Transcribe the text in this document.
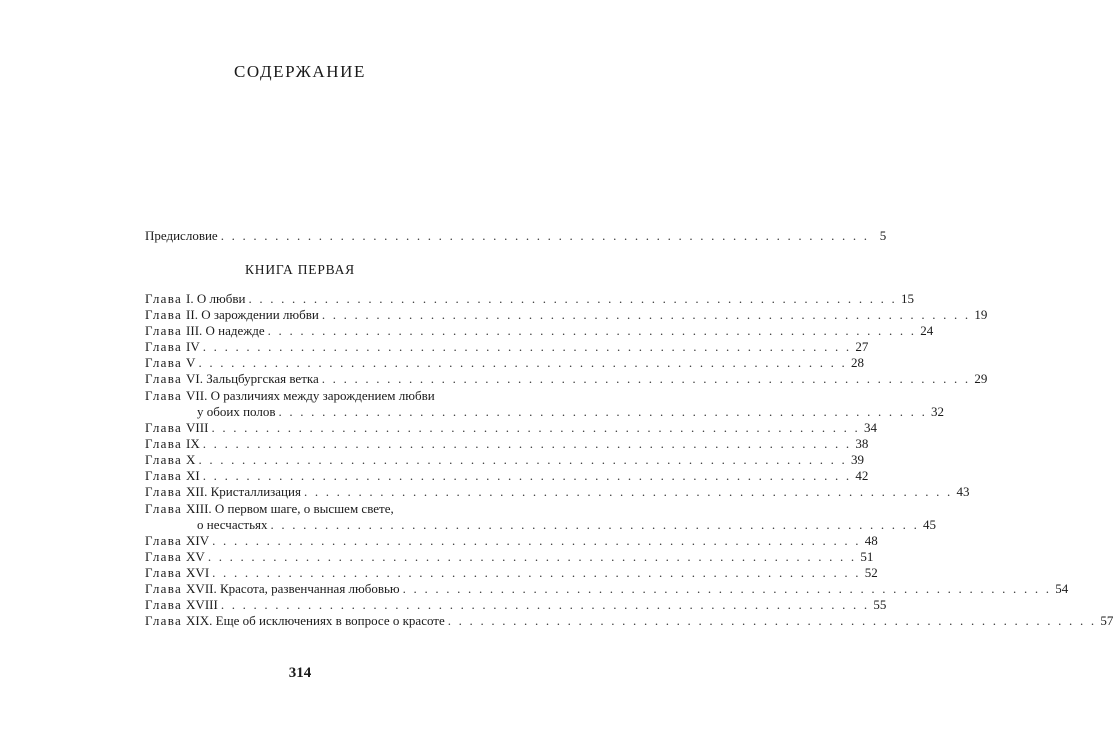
СОДЕРЖАНИЕ
Предисловие . . . . . . . . . . . . . . . . . . . . . . . . . . . . . . . . . . . . . . . . . . . . . . . . . . . . . . . . . . . . 5
КНИГА ПЕРВАЯ
Глава I. О любви . . . . . . . . . . . . . . . . . . . . . . . . . . . . . . . . . . . . . . . . . . . . . . . . . . . . . . . . . . . . 15
Глава II. О зарождении любви . . . . . . . . . . . . . . . . . . . . . . . . . . . . . . . . . . . . . . . . . . . . . . . . . . . . . . . . . . . . 19
Глава III. О надежде . . . . . . . . . . . . . . . . . . . . . . . . . . . . . . . . . . . . . . . . . . . . . . . . . . . . . . . . . . . . 24
Глава IV . . . . . . . . . . . . . . . . . . . . . . . . . . . . . . . . . . . . . . . . . . . . . . . . . . . . . . . . . . . . 27
Глава V . . . . . . . . . . . . . . . . . . . . . . . . . . . . . . . . . . . . . . . . . . . . . . . . . . . . . . . . . . . . 28
Глава VI. Зальцбургская ветка . . . . . . . . . . . . . . . . . . . . . . . . . . . . . . . . . . . . . . . . . . . . . . . . . . . . . . . . . . . . 29
Глава VII. О различиях между зарождением любви
у обоих полов . . . . . . . . . . . . . . . . . . . . . . . . . . . . . . . . . . . . . . . . . . . . . . . . . . . . . . . . . . . . 32
Глава VIII . . . . . . . . . . . . . . . . . . . . . . . . . . . . . . . . . . . . . . . . . . . . . . . . . . . . . . . . . . . . 34
Глава IX . . . . . . . . . . . . . . . . . . . . . . . . . . . . . . . . . . . . . . . . . . . . . . . . . . . . . . . . . . . . 38
Глава X . . . . . . . . . . . . . . . . . . . . . . . . . . . . . . . . . . . . . . . . . . . . . . . . . . . . . . . . . . . . 39
Глава XI . . . . . . . . . . . . . . . . . . . . . . . . . . . . . . . . . . . . . . . . . . . . . . . . . . . . . . . . . . . . 42
Глава XII. Кристаллизация . . . . . . . . . . . . . . . . . . . . . . . . . . . . . . . . . . . . . . . . . . . . . . . . . . . . . . . . . . . . 43
Глава XIII. О первом шаге, о высшем свете,
о несчастьях . . . . . . . . . . . . . . . . . . . . . . . . . . . . . . . . . . . . . . . . . . . . . . . . . . . . . . . . . . . . 45
Глава XIV . . . . . . . . . . . . . . . . . . . . . . . . . . . . . . . . . . . . . . . . . . . . . . . . . . . . . . . . . . . . 48
Глава XV . . . . . . . . . . . . . . . . . . . . . . . . . . . . . . . . . . . . . . . . . . . . . . . . . . . . . . . . . . . . 51
Глава XVI . . . . . . . . . . . . . . . . . . . . . . . . . . . . . . . . . . . . . . . . . . . . . . . . . . . . . . . . . . . . 52
Глава XVII. Красота, развенчанная любовью . . . . . . . . . . . . . . . . . . . . . . . . . . . . . . . . . . . . . . . . . . . . . . . . . . . . . . . . . . . . 54
Глава XVIII . . . . . . . . . . . . . . . . . . . . . . . . . . . . . . . . . . . . . . . . . . . . . . . . . . . . . . . . . . . . 55
Глава XIX. Еще об исключениях в вопросе о красоте . . . . . . . . . . . . . . . . . . . . . . . . . . . . . . . . . . . . . . . . . . . . . . . . . . . . . . . . . . . . 57
314
